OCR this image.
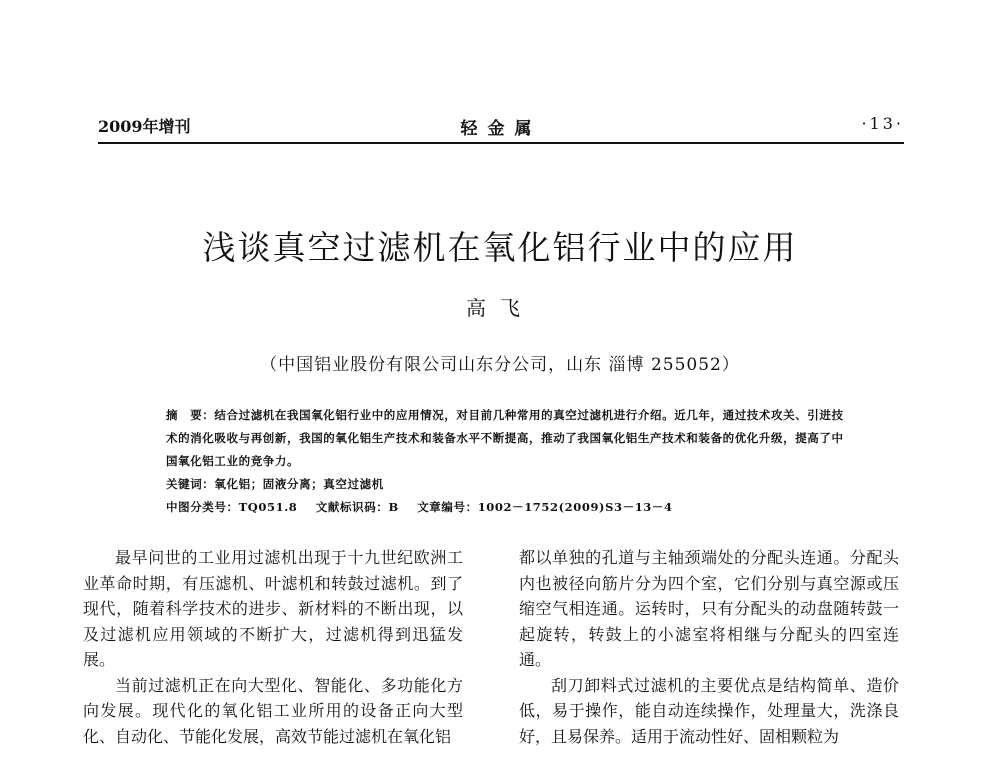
2009年增刊	轻金属	·13·
浅谈真空过滤机在氧化铝行业中的应用
高飞
（中国铝业股份有限公司山东分公司，山东 淄博 255052）

摘　要：结合过滤机在我国氧化铝行业中的应用情况，对目前几种常用的真空过滤机进行介绍。近几年，通过技术攻关、引进技术的消化吸收与再创新，我国的氧化铝生产技术和装备水平不断提高，推动了我国氧化铝生产技术和装备的优化升级，提高了中国氧化铝工业的竞争力。

关键词：氧化铝；固液分离；真空过滤机

中图分类号：TQ051.8 文献标识码：B 文章编号：1002－1752(2009)S3－13－4

最早问世的工业用过滤机出现于十九世纪欧洲工业革命时期，有压滤机、叶滤机和转鼓过滤机。到了现代，随着科学技术的进步、新材料的不断出现，以及过滤机应用领域的不断扩大，过滤机得到迅猛发展。

当前过滤机正在向大型化、智能化、多功能化方向发展。现代化的氧化铝工业所用的设备正向大型化、自动化、节能化发展，高效节能过滤机在氧化铝

都以单独的孔道与主轴颈端处的分配头连通。分配头内也被径向筋片分为四个室，它们分别与真空源或压缩空气相连通。运转时，只有分配头的动盘随转鼓一起旋转，转鼓上的小滤室将相继与分配头的四室连通。

刮刀卸料式过滤机的主要优点是结构简单、造价低，易于操作，能自动连续操作，处理量大，洗涤良好，且易保养。适用于流动性好、固相颗粒为
